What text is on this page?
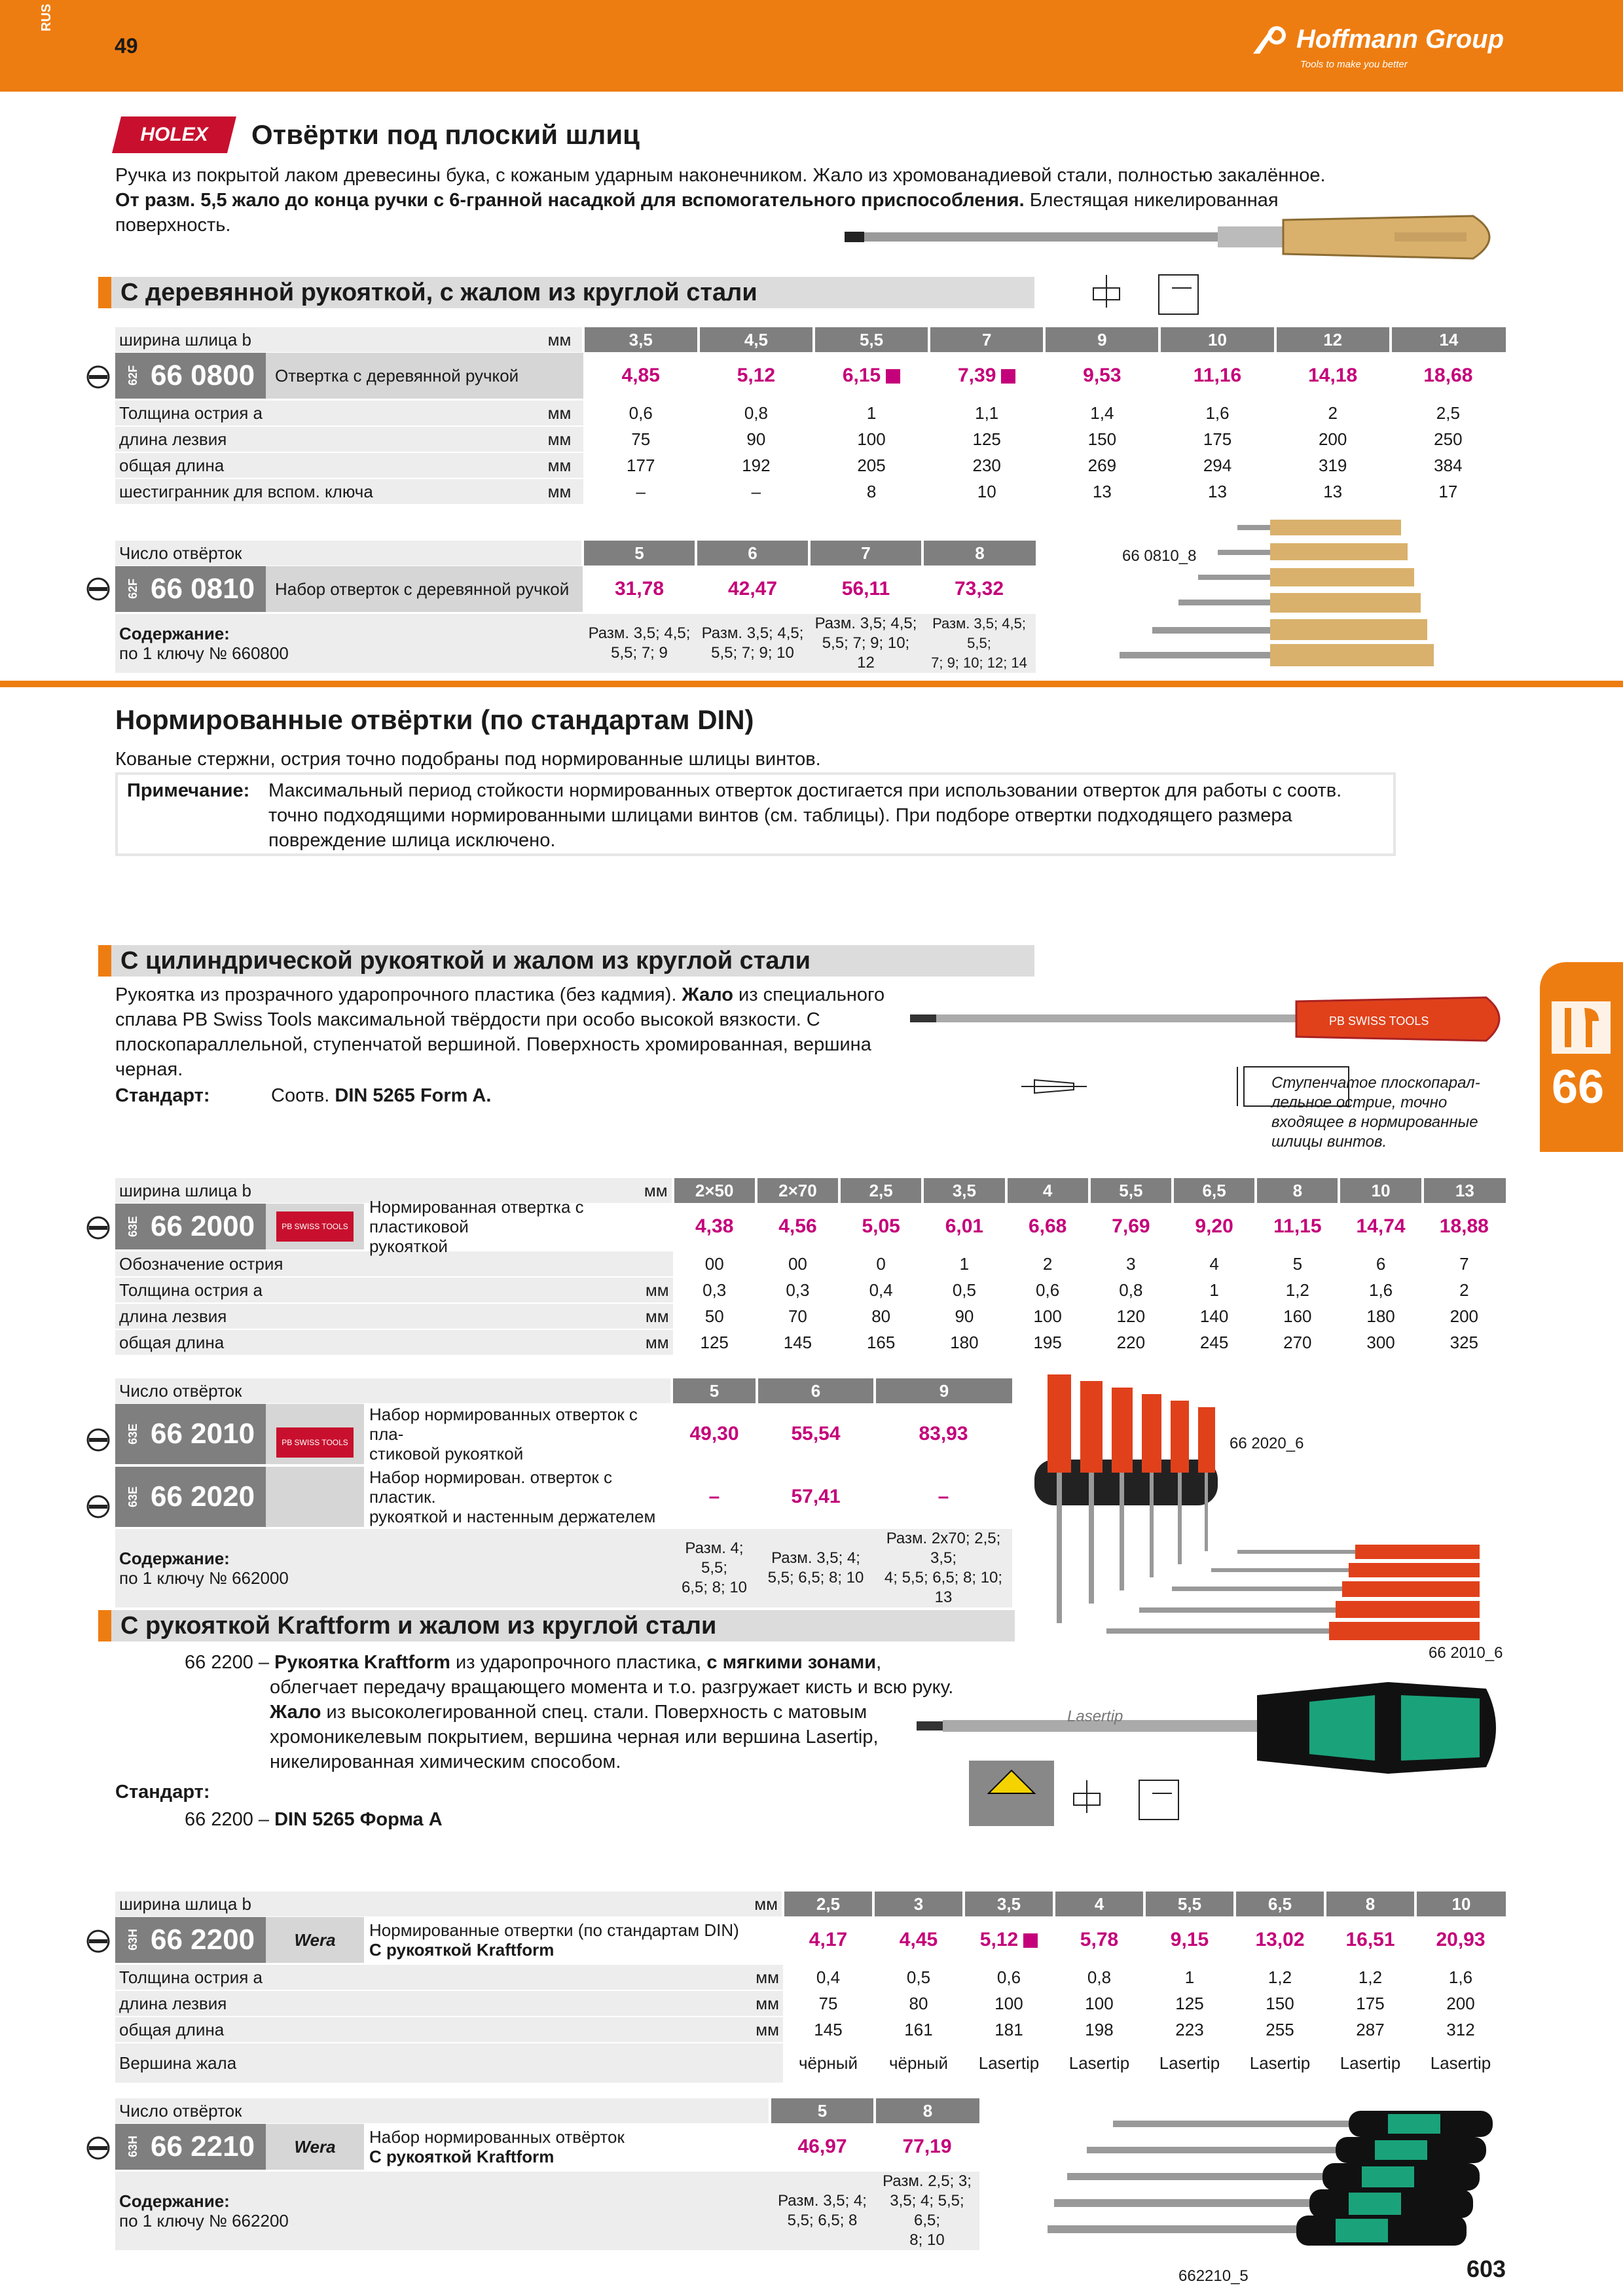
RUS
49	Hoffmann Group
Tools to make you better
HOLEX	Отвёртки под плоский шлиц
Ручка из покрытой лаком древесины бука, с кожаным ударным наконечником. Жало из хромованадиевой стали, полностью закалённое.
От разм. 5,5 жало до конца ручки с 6-гранной насадкой для вспомогательного приспособления. Блестящая никелированная
поверхность.
С деревянной рукояткой, с жалом из круглой стали
ширина шлица b	мм	3,5	4,5	5,5	7	9	10	12	14

62F 66 0800 Отвертка с деревянной ручкой		4,85	5,12	6,15	7,39	9,53	11,16	14,18	18,68
Толщина острия a	мм	0,6	0,8	1	1,1	1,4	1,6	2	2,5
длина лезвия	мм	75	90	100	125	150	175	200	250
общая длина	мм	177	192	205	230	269	294	319	384
шестигранник для вспом. ключа	мм	–	–	8	10	13	13	13	17
Число отвёрток	5	6	7	8

62F 66 0810 Набор отверток с деревянной ручкой	31,78	42,47	56,11	73,32
Содержание:
по 1 ключу № 660800	Разм. 3,5; 4,5;
5,5; 7; 9	Разм. 3,5; 4,5;
5,5; 7; 9; 10	Разм. 3,5; 4,5;
5,5; 7; 9; 10; 12	Разм. 3,5; 4,5; 5,5;
7; 9; 10; 12; 14
66 0810_8
Нормированные отвёртки (по стандартам DIN)
Кованые стержни, острия точно подобраны под нормированные шлицы винтов.
Примечание: Максимальный период стойкости нормированных отверток достигается при использовании отверток для работы с соотв.
точно подходящими нормированными шлицами винтов (см. таблицы). При подборе отвертки подходящего размера
повреждение шлица исключено.
С цилиндрической рукояткой и жалом из круглой стали
Рукоятка из прозрачного ударопрочного пластика (без кадмия). Жало из специального
сплава PB Swiss Tools максимальной твёрдости при особо высокой вязкости. С
плоскопараллельной, ступенчатой вершиной. Поверхность хромированная, вершина
черная.
Стандарт:	Соотв. DIN 5265 Form A.
PB SWISS TOOLS
Ступенчатое плоскопарал-
лельное острие, точно
входящее в нормированные
шлицы винтов.
66
ширина шлица b	мм	2×50	2×70	2,5	3,5	4	5,5	6,5	8	10	13

63E 66 2000 PB SWISS TOOLS
Нормированная отвертка с пластиковой
рукояткой		4,38	4,56	5,05	6,01	6,68	7,69	9,20	11,15	14,74	18,88
Обозначение острия		00	00	0	1	2	3	4	5	6	7
Толщина острия a	мм	0,3	0,3	0,4	0,5	0,6	0,8	1	1,2	1,6	2
длина лезвия	мм	50	70	80	90	100	120	140	160	180	200
общая длина	мм	125	145	165	180	195	220	245	270	300	325
Число отвёрток	5	6	9

63E 66 2010 PB SWISS TOOLS
Набор нормированных отверток с пла-
стиковой рукояткой	49,30	55,54	83,93

63E 66 2020
Набор нормирован. отверток с пластик.
рукояткой и настенным держателем	–	57,41	–
Содержание:
по 1 ключу № 662000	Разм. 4; 5,5;
6,5; 8; 10	Разм. 3,5; 4;
5,5; 6,5; 8; 10	Разм. 2x70; 2,5; 3,5;
4; 5,5; 6,5; 8; 10; 13
66 2020_6
66 2010_6
С рукояткой Kraftform и жалом из круглой стали
66 2200 – Рукоятка Kraftform из ударопрочного пластика, с мягкими зонами,
облегчает передачу вращающего момента и т.о. разгружает кисть и всю руку.
Жало из высоколегированной спец. стали. Поверхность с матовым
хромоникелевым покрытием, вершина черная или вершина Lasertip,
никелированная химическим способом.
Стандарт:
66 2200 – DIN 5265 Форма A
Lasertip
ширина шлица b	мм	2,5	3	3,5	4	5,5	6,5	8	10

63H 66 2200 Wera Нормированные отвертки (по стандартам DIN)
С рукояткой Kraftform		4,17	4,45	5,12	5,78	9,15	13,02	16,51	20,93
Толщина острия a	мм	0,4	0,5	0,6	0,8	1	1,2	1,2	1,6
длина лезвия	мм	75	80	100	100	125	150	175	200
общая длина	мм	145	161	181	198	223	255	287	312
Вершина жала		чёрный	чёрный	Lasertip	Lasertip	Lasertip	Lasertip	Lasertip	Lasertip
Число отвёрток	5	8

63H 66 2210 Wera Набор нормированных отвёрток
С рукояткой Kraftform	46,97	77,19
Содержание:
по 1 ключу № 662200	Разм. 3,5; 4;
5,5; 6,5; 8	Разм. 2,5; 3;
3,5; 4; 5,5; 6,5;
8; 10
662210_5	603
